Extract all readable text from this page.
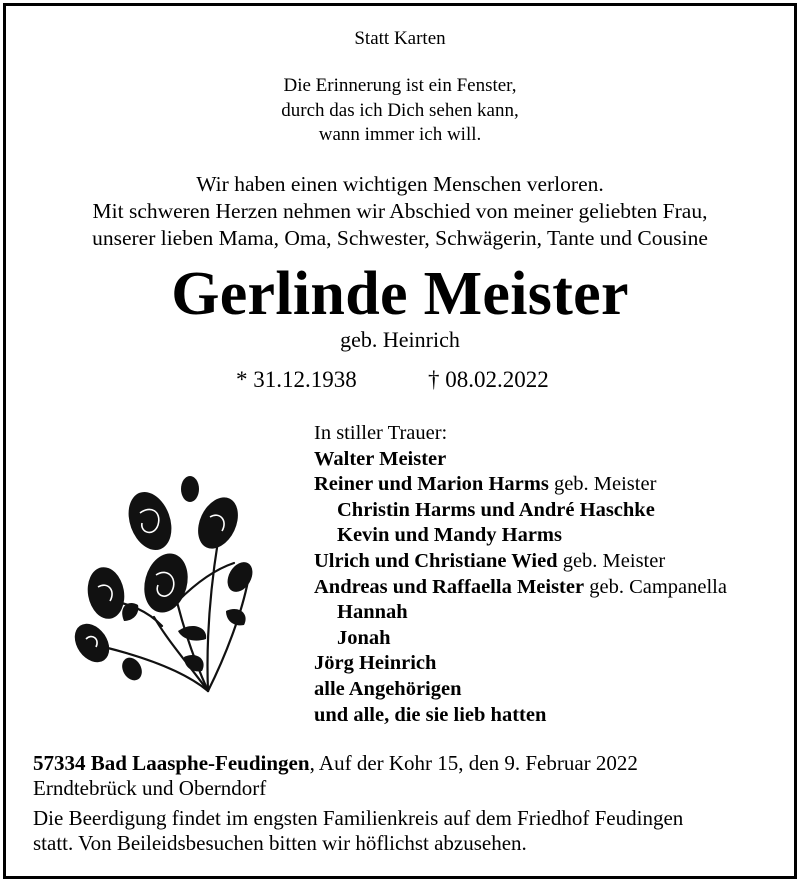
Statt Karten
Die Erinnerung ist ein Fenster,
durch das ich Dich sehen kann,
wann immer ich will.
Wir haben einen wichtigen Menschen verloren.
Mit schweren Herzen nehmen wir Abschied von meiner geliebten Frau,
unserer lieben Mama, Oma, Schwester, Schwägerin, Tante und Cousine
Gerlinde Meister
geb. Heinrich
* 31.12.1938	† 08.02.2022
In stiller Trauer:
Walter Meister
Reiner und Marion Harms geb. Meister
Christin Harms und André Haschke
Kevin und Mandy Harms
Ulrich und Christiane Wied geb. Meister
Andreas und Raffaella Meister geb. Campanella
Hannah
Jonah
Jörg Heinrich
alle Angehörigen
und alle, die sie lieb hatten
57334 Bad Laasphe-Feudingen, Auf der Kohr 15, den 9. Februar 2022
Erndtebrück und Oberndorf
Die Beerdigung findet im engsten Familienkreis auf dem Friedhof Feudingen
statt. Von Beileidsbesuchen bitten wir höflichst abzusehen.
